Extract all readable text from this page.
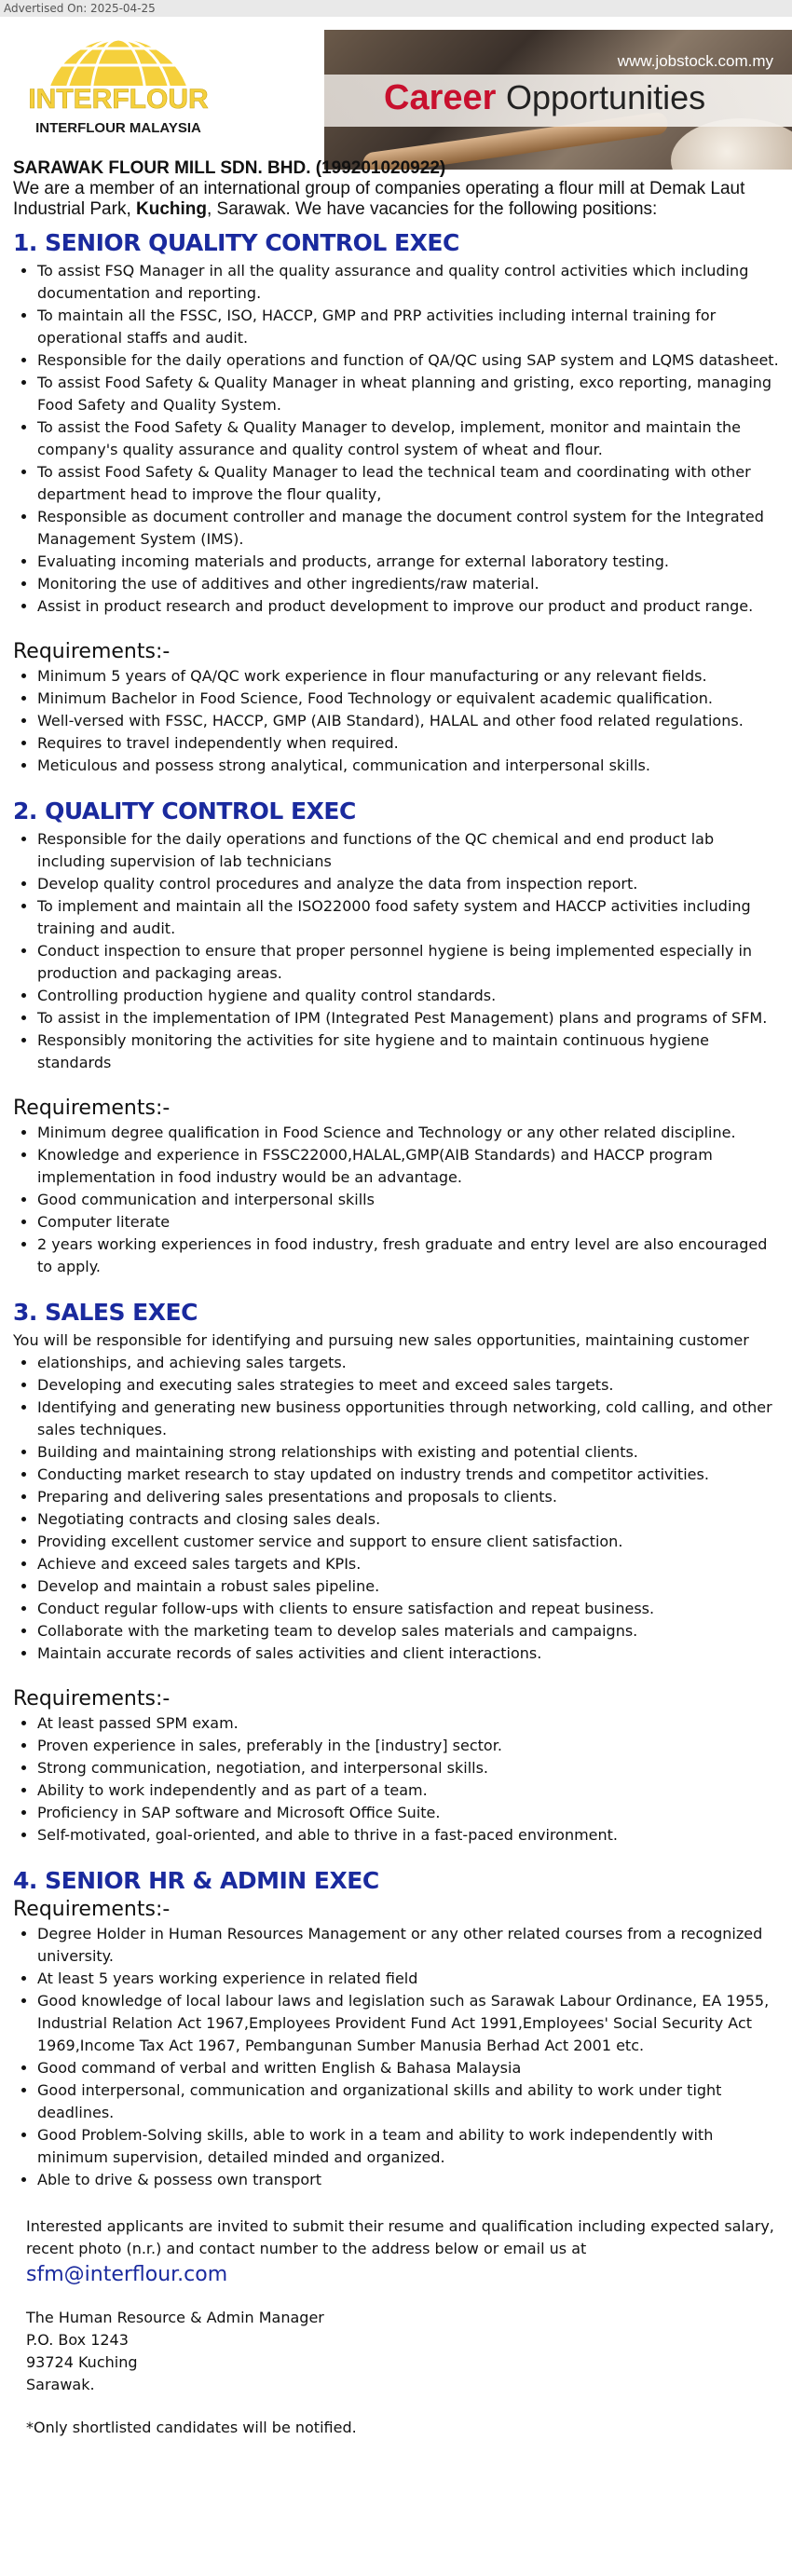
Advertised On: 2025-04-25
INTERFLOUR
INTERFLOUR MALAYSIA
www.jobstock.com.my
Career Opportunities

SARAWAK FLOUR MILL SDN. BHD. (199201020922)

We are a member of an international group of companies operating a flour mill at Demak Laut Industrial Park, Kuching, Sarawak. We have vacancies for the following positions:

1. SENIOR QUALITY CONTROL EXEC
• To assist FSQ Manager in all the quality assurance and quality control activities which including documentation and reporting.
• To maintain all the FSSC, ISO, HACCP, GMP and PRP activities including internal training for operational staffs and audit.
• Responsible for the daily operations and function of QA/QC using SAP system and LQMS datasheet.
• To assist Food Safety & Quality Manager in wheat planning and gristing, exco reporting, managing Food Safety and Quality System.
• To assist the Food Safety & Quality Manager to develop, implement, monitor and maintain the company's quality assurance and quality control system of wheat and flour.
• To assist Food Safety & Quality Manager to lead the technical team and coordinating with other department head to improve the flour quality,
• Responsible as document controller and manage the document control system for the Integrated Management System (IMS).
• Evaluating incoming materials and products, arrange for external laboratory testing.
• Monitoring the use of additives and other ingredients/raw material.
• Assist in product research and product development to improve our product and product range.
Requirements:-
• Minimum 5 years of QA/QC work experience in flour manufacturing or any relevant fields.
• Minimum Bachelor in Food Science, Food Technology or equivalent academic qualification.
• Well-versed with FSSC, HACCP, GMP (AIB Standard), HALAL and other food related regulations.
• Requires to travel independently when required.
• Meticulous and possess strong analytical, communication and interpersonal skills.
2. QUALITY CONTROL EXEC
• Responsible for the daily operations and functions of the QC chemical and end product lab including supervision of lab technicians
• Develop quality control procedures and analyze the data from inspection report.
• To implement and maintain all the ISO22000 food safety system and HACCP activities including training and audit.
• Conduct inspection to ensure that proper personnel hygiene is being implemented especially in production and packaging areas.
• Controlling production hygiene and quality control standards.
• To assist in the implementation of IPM (Integrated Pest Management) plans and programs of SFM.
• Responsibly monitoring the activities for site hygiene and to maintain continuous hygiene standards
Requirements:-
• Minimum degree qualification in Food Science and Technology or any other related discipline.
• Knowledge and experience in FSSC22000,HALAL,GMP(AIB Standards) and HACCP program implementation in food industry would be an advantage.
• Good communication and interpersonal skills
• Computer literate
• 2 years working experiences in food industry, fresh graduate and entry level are also encouraged to apply.
3. SALES EXEC

You will be responsible for identifying and pursuing new sales opportunities, maintaining customer

• elationships, and achieving sales targets.
• Developing and executing sales strategies to meet and exceed sales targets.
• Identifying and generating new business opportunities through networking, cold calling, and other sales techniques.
• Building and maintaining strong relationships with existing and potential clients.
• Conducting market research to stay updated on industry trends and competitor activities.
• Preparing and delivering sales presentations and proposals to clients.
• Negotiating contracts and closing sales deals.
• Providing excellent customer service and support to ensure client satisfaction.
• Achieve and exceed sales targets and KPIs.
• Develop and maintain a robust sales pipeline.
• Conduct regular follow-ups with clients to ensure satisfaction and repeat business.
• Collaborate with the marketing team to develop sales materials and campaigns.
• Maintain accurate records of sales activities and client interactions.
Requirements:-
• At least passed SPM exam.
• Proven experience in sales, preferably in the [industry] sector.
• Strong communication, negotiation, and interpersonal skills.
• Ability to work independently and as part of a team.
• Proficiency in SAP software and Microsoft Office Suite.
• Self-motivated, goal-oriented, and able to thrive in a fast-paced environment.
4. SENIOR HR & ADMIN EXEC
Requirements:-
• Degree Holder in Human Resources Management or any other related courses from a recognized university.
• At least 5 years working experience in related field
• Good knowledge of local labour laws and legislation such as Sarawak Labour Ordinance, EA 1955, Industrial Relation Act 1967,Employees Provident Fund Act 1991,Employees' Social Security Act 1969,Income Tax Act 1967, Pembangunan Sumber Manusia Berhad Act 2001 etc.
• Good command of verbal and written English & Bahasa Malaysia
• Good interpersonal, communication and organizational skills and ability to work under tight deadlines.
• Good Problem-Solving skills, able to work in a team and ability to work independently with minimum supervision, detailed minded and organized.
• Able to drive & possess own transport
Interested applicants are invited to submit their resume and qualification including expected salary, recent photo (n.r.) and contact number to the address below or email us at
sfm@interflour.com
The Human Resource & Admin Manager
P.O. Box 1243
93724 Kuching
Sarawak.
*Only shortlisted candidates will be notified.
